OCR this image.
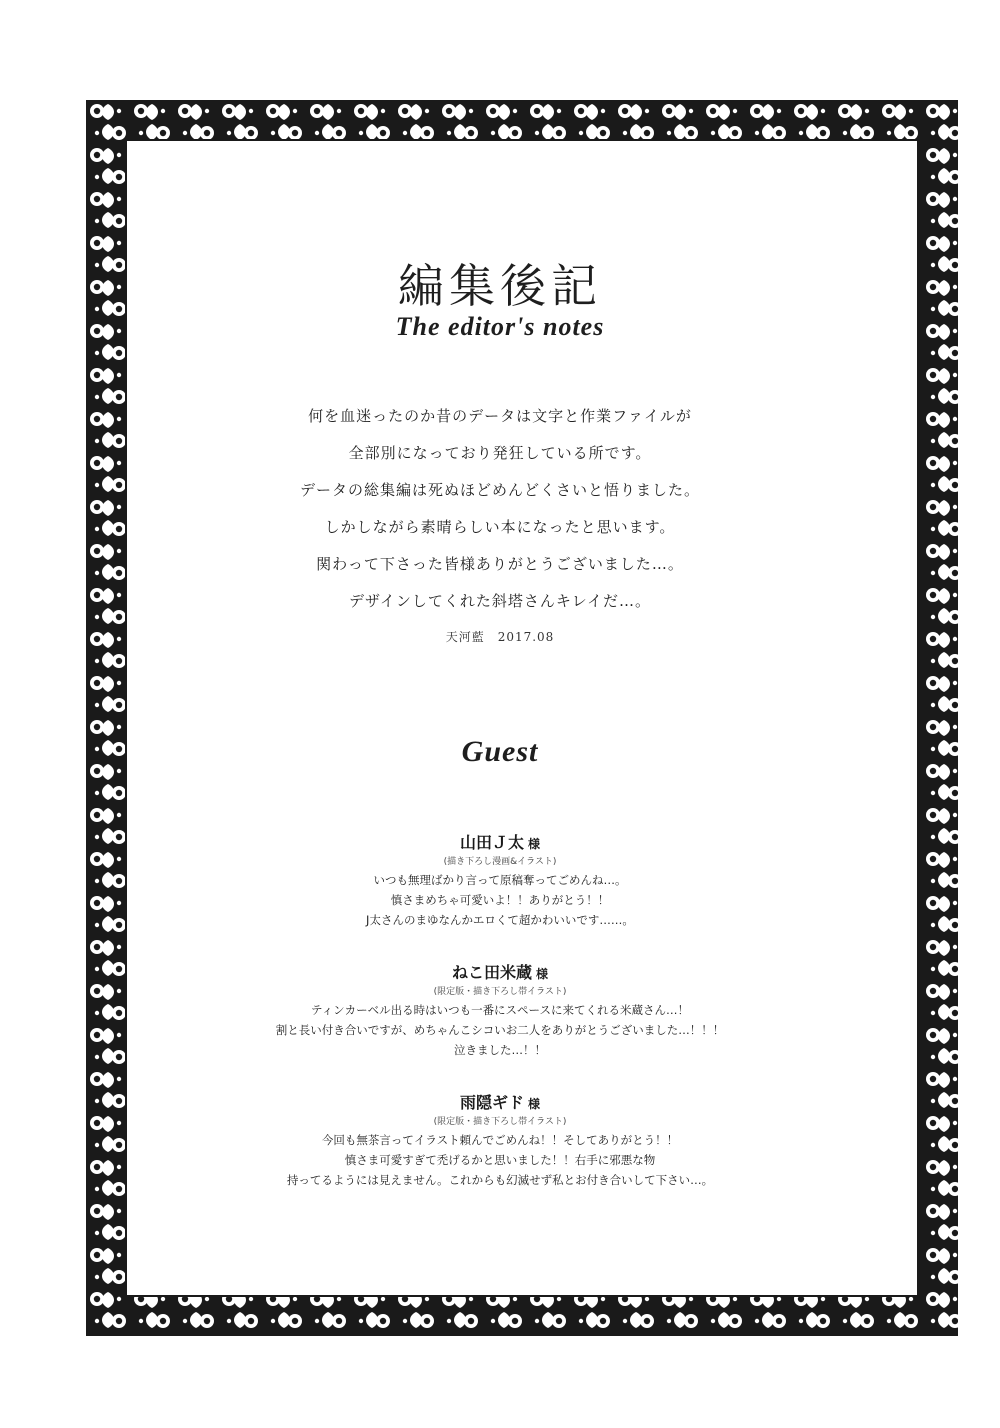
編集後記
The editor's notes
何を血迷ったのか昔のデータは文字と作業ファイルが
全部別になっており発狂している所です。
データの総集編は死ぬほどめんどくさいと悟りました。
しかしながら素晴らしい本になったと思います。
関わって下さった皆様ありがとうございました…。
デザインしてくれた斜塔さんキレイだ…。
天河藍　2017.08
Guest
山田Ｊ太 様
(描き下ろし漫画&イラスト)
いつも無理ばかり言って原稿奪ってごめんね…。
慎さまめちゃ可愛いよ！！ありがとう！！
J太さんのまゆなんかエロくて超かわいいです……。
ねこ田米蔵 様
(限定版・描き下ろし帯イラスト)
ティンカーベル出る時はいつも一番にスペースに来てくれる米蔵さん…！
割と長い付き合いですが、めちゃんこシコいお二人をありがとうございました…！！！
泣きました…！！
雨隠ギド 様
(限定版・描き下ろし帯イラスト)
今回も無茶言ってイラスト頼んでごめんね！！そしてありがとう！！
慎さま可愛すぎて禿げるかと思いました！！右手に邪悪な物
持ってるようには見えません。これからも幻滅せず私とお付き合いして下さい…。
